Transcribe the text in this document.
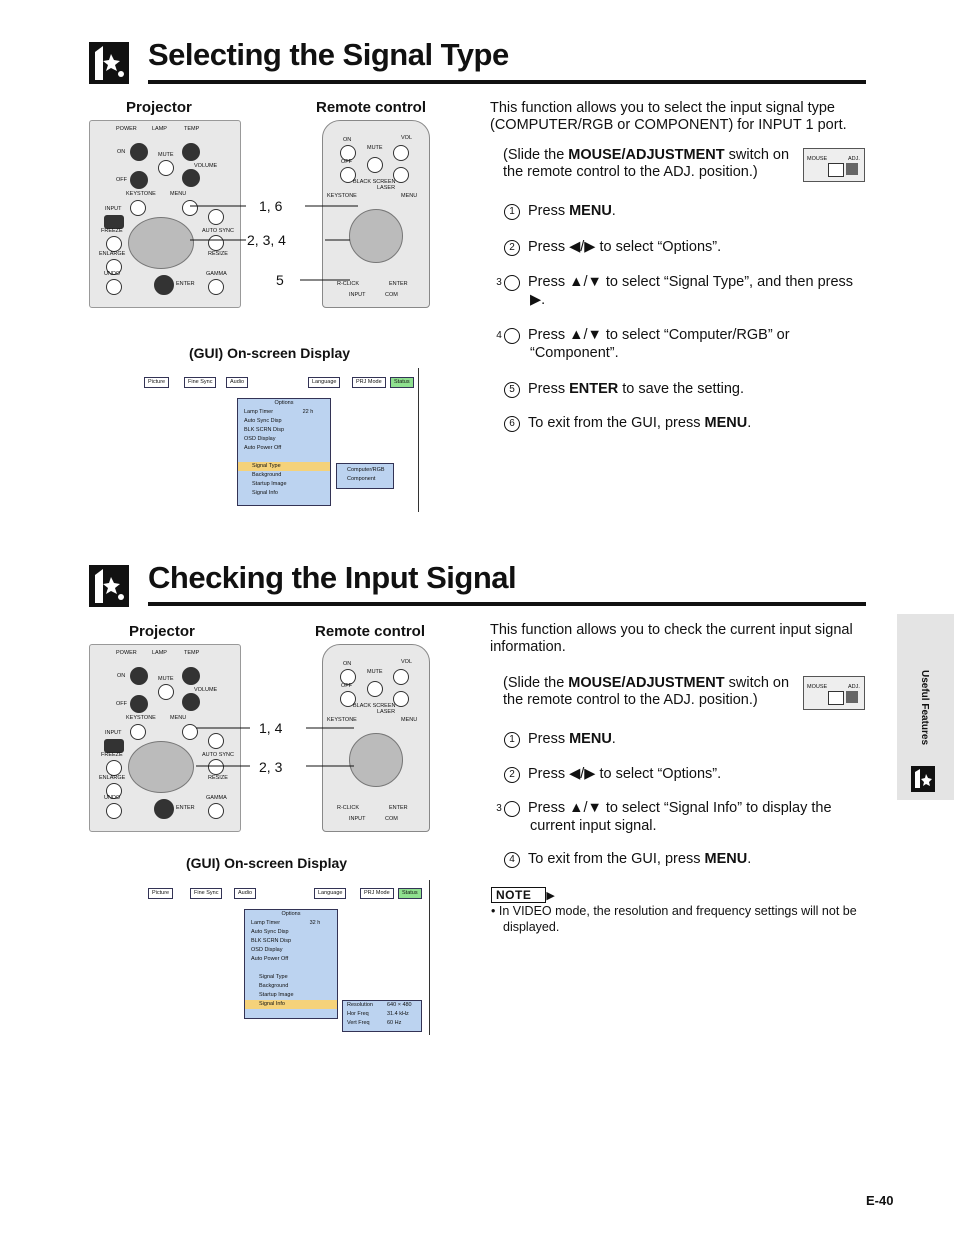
Selecting the Signal Type
Projector	Remote control
POWER	LAMP	TEMP
ON	MUTE
VOLUME
OFF
KEYSTONE	MENU
INPUT
FREEZE	AUTO SYNC
ENLARGE	RESIZE
UNDO	GAMMA
ENTER
ON
MUTE
VOL
OFF
BLACK SCREEN
LASER
KEYSTONE	MENU
R-CLICK	ENTER
INPUT	COM
1, 6
2, 3, 4
5
(GUI) On-screen Display
Picture	Fine Sync	Audio	Language	PRJ Mode	Status
Options
Lamp Timer	22 h
Auto Sync Disp
BLK SCRN Disp
OSD Display
Auto Power Off
Signal Type
Background
Startup Image
Signal Info
Computer/RGB
Component
This function allows you to select the input signal type (COMPUTER/RGB or COMPONENT) for INPUT 1 port.
(Slide the MOUSE/ADJUSTMENT switch on the remote control to the ADJ. position.)
MOUSE	ADJ.
1 Press MENU.
2 Press ◀/▶ to select “Options”.
3 Press ▲/▼ to select “Signal Type”, and then press ▶.
4 Press ▲/▼ to select “Computer/RGB” or “Component”.
5 Press ENTER to save the setting.
6 To exit from the GUI, press MENU.
Checking the Input Signal
Projector	Remote control
POWER	LAMP	TEMP
ON	MUTE
VOLUME
OFF
KEYSTONE	MENU
INPUT
FREEZE	AUTO SYNC
ENLARGE	RESIZE
UNDO	GAMMA
ENTER
ON
MUTE
VOL
OFF
BLACK SCREEN
LASER
KEYSTONE	MENU
R-CLICK	ENTER
INPUT	COM
1, 4
2, 3
(GUI) On-screen Display
Picture	Fine Sync	Audio	Language	PRJ Mode	Status
Options
Lamp Timer	32 h
Auto Sync Disp
BLK SCRN Disp
OSD Display
Auto Power Off
Signal Type
Background
Startup Image
Signal Info	Resolution	640 × 480
Hor Freq	31.4 kHz
Vert Freq	60 Hz
This function allows you to check the current input signal information.
(Slide the MOUSE/ADJUSTMENT switch on the remote control to the ADJ. position.)
MOUSE	ADJ.
1 Press MENU.
2 Press ◀/▶ to select “Options”.
3 Press ▲/▼ to select “Signal Info” to display the current input signal.
4 To exit from the GUI, press MENU.
NOTE ▶
• In VIDEO mode, the resolution and frequency settings will not be displayed.
Useful Features
E-40
